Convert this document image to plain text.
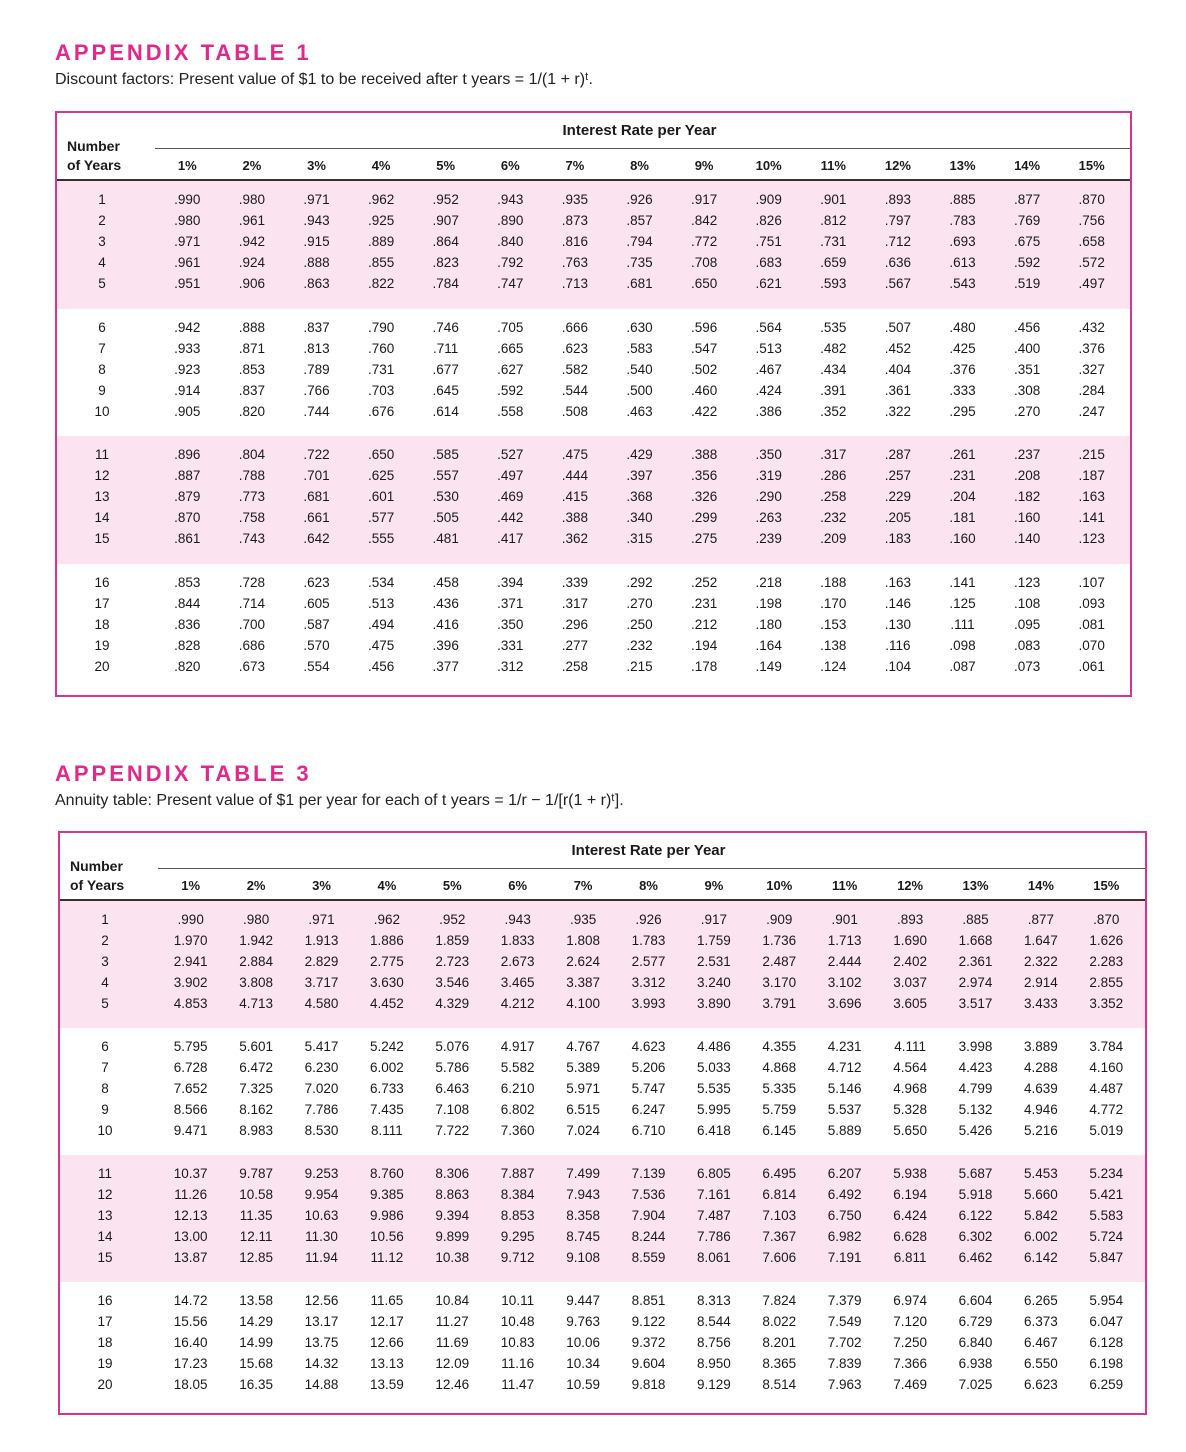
APPENDIX TABLE 1
Discount factors: Present value of $1 to be received after t years = 1/(1 + r)ᵗ.
Interest Rate per Year
Number
of Years	1%	2%	3%	4%	5%	6%	7%	8%	9%	10%	11%	12%	13%	14%	15%
1	.990	.980	.971	.962	.952	.943	.935	.926	.917	.909	.901	.893	.885	.877	.870
2	.980	.961	.943	.925	.907	.890	.873	.857	.842	.826	.812	.797	.783	.769	.756
3	.971	.942	.915	.889	.864	.840	.816	.794	.772	.751	.731	.712	.693	.675	.658
4	.961	.924	.888	.855	.823	.792	.763	.735	.708	.683	.659	.636	.613	.592	.572
5	.951	.906	.863	.822	.784	.747	.713	.681	.650	.621	.593	.567	.543	.519	.497
6	.942	.888	.837	.790	.746	.705	.666	.630	.596	.564	.535	.507	.480	.456	.432
7	.933	.871	.813	.760	.711	.665	.623	.583	.547	.513	.482	.452	.425	.400	.376
8	.923	.853	.789	.731	.677	.627	.582	.540	.502	.467	.434	.404	.376	.351	.327
9	.914	.837	.766	.703	.645	.592	.544	.500	.460	.424	.391	.361	.333	.308	.284
10	.905	.820	.744	.676	.614	.558	.508	.463	.422	.386	.352	.322	.295	.270	.247
11	.896	.804	.722	.650	.585	.527	.475	.429	.388	.350	.317	.287	.261	.237	.215
12	.887	.788	.701	.625	.557	.497	.444	.397	.356	.319	.286	.257	.231	.208	.187
13	.879	.773	.681	.601	.530	.469	.415	.368	.326	.290	.258	.229	.204	.182	.163
14	.870	.758	.661	.577	.505	.442	.388	.340	.299	.263	.232	.205	.181	.160	.141
15	.861	.743	.642	.555	.481	.417	.362	.315	.275	.239	.209	.183	.160	.140	.123
16	.853	.728	.623	.534	.458	.394	.339	.292	.252	.218	.188	.163	.141	.123	.107
17	.844	.714	.605	.513	.436	.371	.317	.270	.231	.198	.170	.146	.125	.108	.093
18	.836	.700	.587	.494	.416	.350	.296	.250	.212	.180	.153	.130	.111	.095	.081
19	.828	.686	.570	.475	.396	.331	.277	.232	.194	.164	.138	.116	.098	.083	.070
20	.820	.673	.554	.456	.377	.312	.258	.215	.178	.149	.124	.104	.087	.073	.061
APPENDIX TABLE 3
Annuity table: Present value of $1 per year for each of t years = 1/r − 1/[r(1 + r)ᵗ].
Interest Rate per Year
Number
of Years	1%	2%	3%	4%	5%	6%	7%	8%	9%	10%	11%	12%	13%	14%	15%
1	.990	.980	.971	.962	.952	.943	.935	.926	.917	.909	.901	.893	.885	.877	.870
2	1.970	1.942	1.913	1.886	1.859	1.833	1.808	1.783	1.759	1.736	1.713	1.690	1.668	1.647	1.626
3	2.941	2.884	2.829	2.775	2.723	2.673	2.624	2.577	2.531	2.487	2.444	2.402	2.361	2.322	2.283
4	3.902	3.808	3.717	3.630	3.546	3.465	3.387	3.312	3.240	3.170	3.102	3.037	2.974	2.914	2.855
5	4.853	4.713	4.580	4.452	4.329	4.212	4.100	3.993	3.890	3.791	3.696	3.605	3.517	3.433	3.352
6	5.795	5.601	5.417	5.242	5.076	4.917	4.767	4.623	4.486	4.355	4.231	4.111	3.998	3.889	3.784
7	6.728	6.472	6.230	6.002	5.786	5.582	5.389	5.206	5.033	4.868	4.712	4.564	4.423	4.288	4.160
8	7.652	7.325	7.020	6.733	6.463	6.210	5.971	5.747	5.535	5.335	5.146	4.968	4.799	4.639	4.487
9	8.566	8.162	7.786	7.435	7.108	6.802	6.515	6.247	5.995	5.759	5.537	5.328	5.132	4.946	4.772
10	9.471	8.983	8.530	8.111	7.722	7.360	7.024	6.710	6.418	6.145	5.889	5.650	5.426	5.216	5.019
11	10.37	9.787	9.253	8.760	8.306	7.887	7.499	7.139	6.805	6.495	6.207	5.938	5.687	5.453	5.234
12	11.26	10.58	9.954	9.385	8.863	8.384	7.943	7.536	7.161	6.814	6.492	6.194	5.918	5.660	5.421
13	12.13	11.35	10.63	9.986	9.394	8.853	8.358	7.904	7.487	7.103	6.750	6.424	6.122	5.842	5.583
14	13.00	12.11	11.30	10.56	9.899	9.295	8.745	8.244	7.786	7.367	6.982	6.628	6.302	6.002	5.724
15	13.87	12.85	11.94	11.12	10.38	9.712	9.108	8.559	8.061	7.606	7.191	6.811	6.462	6.142	5.847
16	14.72	13.58	12.56	11.65	10.84	10.11	9.447	8.851	8.313	7.824	7.379	6.974	6.604	6.265	5.954
17	15.56	14.29	13.17	12.17	11.27	10.48	9.763	9.122	8.544	8.022	7.549	7.120	6.729	6.373	6.047
18	16.40	14.99	13.75	12.66	11.69	10.83	10.06	9.372	8.756	8.201	7.702	7.250	6.840	6.467	6.128
19	17.23	15.68	14.32	13.13	12.09	11.16	10.34	9.604	8.950	8.365	7.839	7.366	6.938	6.550	6.198
20	18.05	16.35	14.88	13.59	12.46	11.47	10.59	9.818	9.129	8.514	7.963	7.469	7.025	6.623	6.259
